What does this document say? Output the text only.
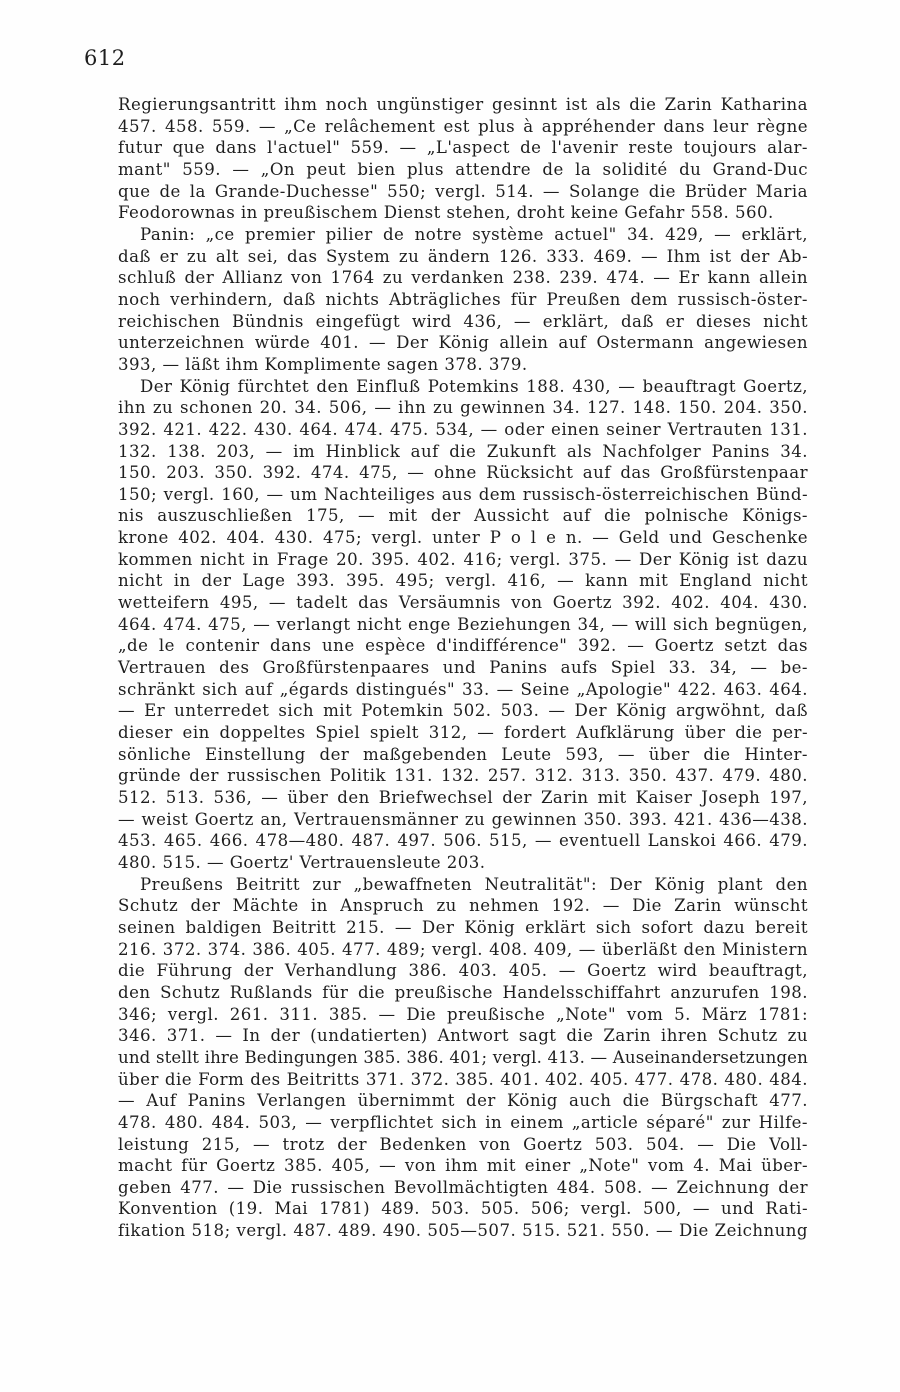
612
Regierungsantritt ihm noch ungünstiger gesinnt ist als die Zarin Katharina
457. 458. 559. — „Ce relâchement est plus à appréhender dans leur règne
futur que dans l'actuel" 559. — „L'aspect de l'avenir reste toujours alar-
mant" 559. — „On peut bien plus attendre de la solidité du Grand-Duc
que de la Grande-Duchesse" 550; vergl. 514. — Solange die Brüder Maria
Feodorownas in preußischem Dienst stehen, droht keine Gefahr 558. 560.
Panin: „ce premier pilier de notre système actuel" 34. 429, — erklärt,
daß er zu alt sei, das System zu ändern 126. 333. 469. — Ihm ist der Ab-
schluß der Allianz von 1764 zu verdanken 238. 239. 474. — Er kann allein
noch verhindern, daß nichts Abträgliches für Preußen dem russisch-öster-
reichischen Bündnis eingefügt wird 436, — erklärt, daß er dieses nicht
unterzeichnen würde 401. — Der König allein auf Ostermann angewiesen
393, — läßt ihm Komplimente sagen 378. 379.
Der König fürchtet den Einfluß Potemkins 188. 430, — beauftragt Goertz,
ihn zu schonen 20. 34. 506, — ihn zu gewinnen 34. 127. 148. 150. 204. 350.
392. 421. 422. 430. 464. 474. 475. 534, — oder einen seiner Vertrauten 131.
132. 138. 203, — im Hinblick auf die Zukunft als Nachfolger Panins 34.
150. 203. 350. 392. 474. 475, — ohne Rücksicht auf das Großfürstenpaar
150; vergl. 160, — um Nachteiliges aus dem russisch-österreichischen Bünd-
nis auszuschließen 175, — mit der Aussicht auf die polnische Königs-
krone 402. 404. 430. 475; vergl. unter P o l e n. — Geld und Geschenke
kommen nicht in Frage 20. 395. 402. 416; vergl. 375. — Der König ist dazu
nicht in der Lage 393. 395. 495; vergl. 416, — kann mit England nicht
wetteifern 495, — tadelt das Versäumnis von Goertz 392. 402. 404. 430.
464. 474. 475, — verlangt nicht enge Beziehungen 34, — will sich begnügen,
„de le contenir dans une espèce d'indifférence" 392. — Goertz setzt das
Vertrauen des Großfürstenpaares und Panins aufs Spiel 33. 34, — be-
schränkt sich auf „égards distingués" 33. — Seine „Apologie" 422. 463. 464.
— Er unterredet sich mit Potemkin 502. 503. — Der König argwöhnt, daß
dieser ein doppeltes Spiel spielt 312, — fordert Aufklärung über die per-
sönliche Einstellung der maßgebenden Leute 593, — über die Hinter-
gründe der russischen Politik 131. 132. 257. 312. 313. 350. 437. 479. 480.
512. 513. 536, — über den Briefwechsel der Zarin mit Kaiser Joseph 197,
— weist Goertz an, Vertrauensmänner zu gewinnen 350. 393. 421. 436—438.
453. 465. 466. 478—480. 487. 497. 506. 515, — eventuell Lanskoi 466. 479.
480. 515. — Goertz' Vertrauensleute 203.
Preußens Beitritt zur „bewaffneten Neutralität": Der König plant den
Schutz der Mächte in Anspruch zu nehmen 192. — Die Zarin wünscht
seinen baldigen Beitritt 215. — Der König erklärt sich sofort dazu bereit
216. 372. 374. 386. 405. 477. 489; vergl. 408. 409, — überläßt den Ministern
die Führung der Verhandlung 386. 403. 405. — Goertz wird beauftragt,
den Schutz Rußlands für die preußische Handelsschiffahrt anzurufen 198.
346; vergl. 261. 311. 385. — Die preußische „Note" vom 5. März 1781:
346. 371. — In der (undatierten) Antwort sagt die Zarin ihren Schutz zu
und stellt ihre Bedingungen 385. 386. 401; vergl. 413. — Auseinandersetzungen
über die Form des Beitritts 371. 372. 385. 401. 402. 405. 477. 478. 480. 484.
— Auf Panins Verlangen übernimmt der König auch die Bürgschaft 477.
478. 480. 484. 503, — verpflichtet sich in einem „article séparé" zur Hilfe-
leistung 215, — trotz der Bedenken von Goertz 503. 504. — Die Voll-
macht für Goertz 385. 405, — von ihm mit einer „Note" vom 4. Mai über-
geben 477. — Die russischen Bevollmächtigten 484. 508. — Zeichnung der
Konvention (19. Mai 1781) 489. 503. 505. 506; vergl. 500, — und Rati-
fikation 518; vergl. 487. 489. 490. 505—507. 515. 521. 550. — Die Zeichnung
